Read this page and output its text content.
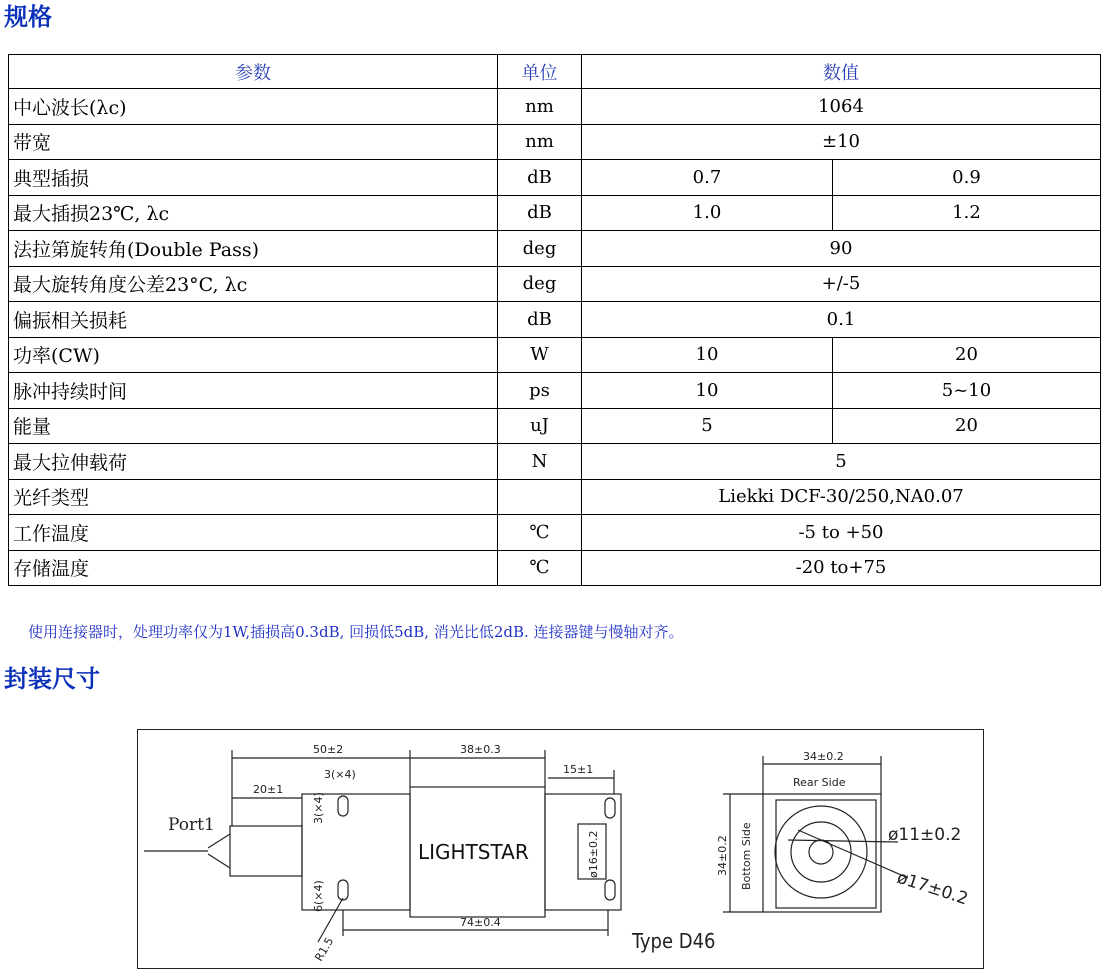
规格
参数	单位	数值	
中心波长(λc)	nm	1064	
带宽	nm	±10	
典型插损	dB	0.7	0.9
最大插损23℃, λc	dB	1.0	1.2
法拉第旋转角(Double Pass)	deg	90	
最大旋转角度公差23°C, λc	deg	+/-5	
偏振相关损耗	dB	0.1	
功率(CW)	W	10	20
脉冲持续时间	ps	10	5~10
能量	uJ	5	20
最大拉伸载荷	N	5	
光纤类型		Liekki DCF-30/250,NA0.07	
工作温度	℃	-5 to +50	
存储温度	℃	-20 to+75	
使用连接器时，处理功率仅为1W,插损高0.3dB, 回损低5dB, 消光比低2dB. 连接器键与慢轴对齐。
封装尺寸
50±2	38±0.3
15±1
20±1
3(×4)
3(×4)
ø16±0.2
6(×4)
R1.5
74±0.4
Port1
LIGHTSTAR
Type D46
34±0.2
Rear Side
34±0.2 Bottom Side	ø11±0.2
ø17±0.2
